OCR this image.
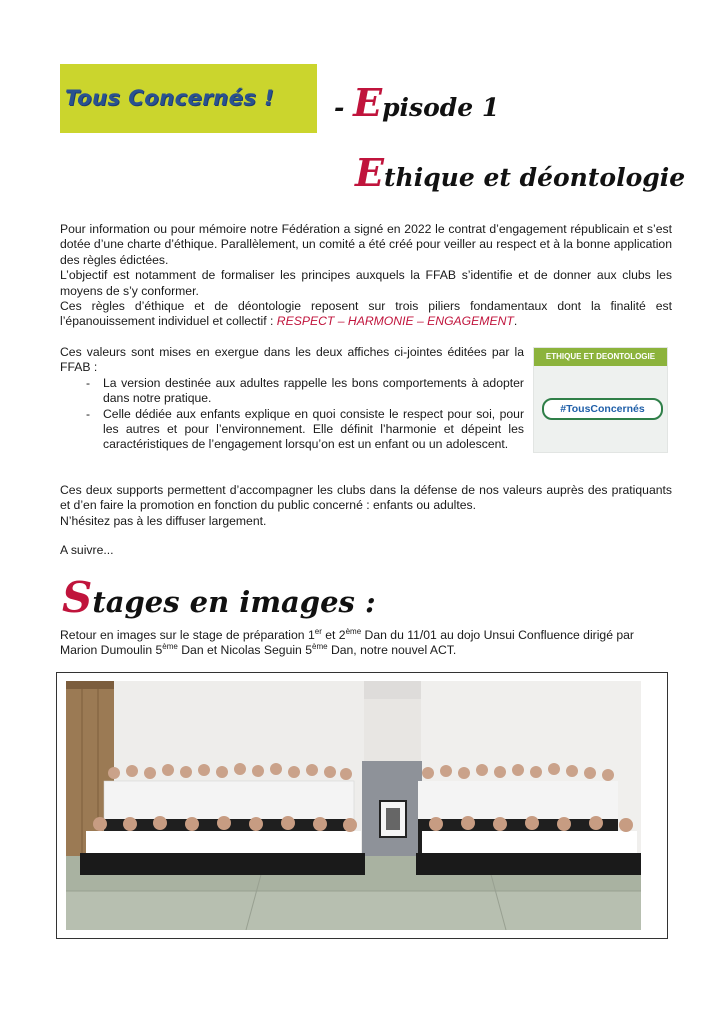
Tous Concernés ! - Episode 1
Ethique et déontologie
Pour information ou pour mémoire notre Fédération a signé en 2022 le contrat d’engagement républicain et s’est dotée d’une charte d’éthique. Parallèlement, un comité a été créé pour veiller au respect et à la bonne application des règles édictées.
L’objectif est notamment de formaliser les principes auxquels la FFAB s’identifie et de donner aux clubs les moyens de s’y conformer.
Ces règles d’éthique et de déontologie reposent sur trois piliers fondamentaux dont la finalité est l’épanouissement individuel et collectif : RESPECT – HARMONIE – ENGAGEMENT.
Ces valeurs sont mises en exergue dans les deux affiches ci-jointes éditées par la FFAB :
- La version destinée aux adultes rappelle les bons comportements à adopter dans notre pratique.
- Celle dédiée aux enfants explique en quoi consiste le respect pour soi, pour les autres et pour l’environnement. Elle définit l’harmonie et dépeint les caractéristiques de l’engagement lorsqu’on est un enfant ou un adolescent.
ETHIQUE ET DEONTOLOGIE
#TousConcernés
Ces deux supports permettent d’accompagner les clubs dans la défense de nos valeurs auprès des pratiquants et d’en faire la promotion en fonction du public concerné : enfants ou adultes.
N’hésitez pas à les diffuser largement.
A suivre...
Stages en images :
Retour en images sur le stage de préparation 1er et 2ème Dan du 11/01 au dojo Unsui Confluence dirigé par Marion Dumoulin 5ème Dan et Nicolas Seguin 5ème Dan, notre nouvel ACT.
